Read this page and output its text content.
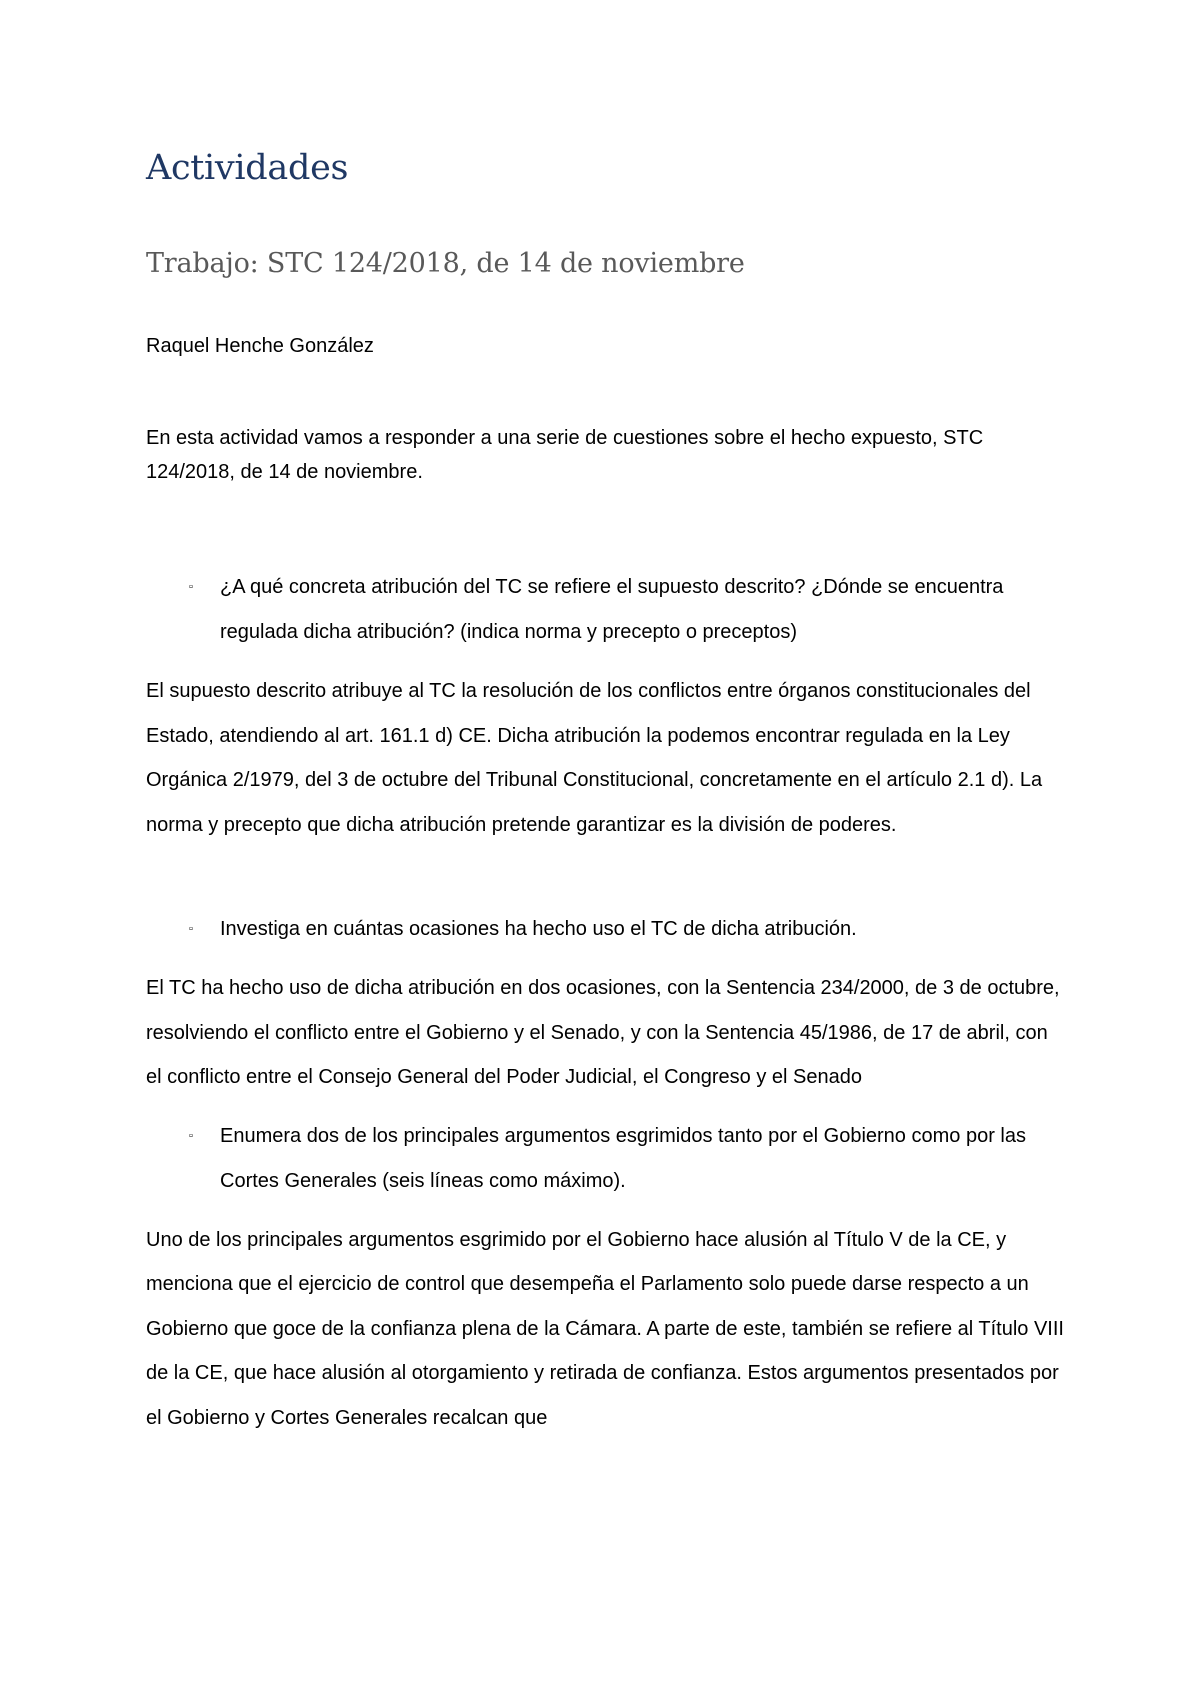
Actividades
Trabajo: STC 124/2018, de 14 de noviembre

Raquel Henche González

En esta actividad vamos a responder a una serie de cuestiones sobre el hecho expuesto, STC 124/2018, de 14 de noviembre.

▫ ¿A qué concreta atribución del TC se refiere el supuesto descrito? ¿Dónde se encuentra regulada dicha atribución? (indica norma y precepto o preceptos)

El supuesto descrito atribuye al TC la resolución de los conflictos entre órganos constitucionales del Estado, atendiendo al art. 161.1 d) CE. Dicha atribución la podemos encontrar regulada en la Ley Orgánica 2/1979, del 3 de octubre del Tribunal Constitucional, concretamente en el artículo 2.1 d). La norma y precepto que dicha atribución pretende garantizar es la división de poderes.

▫ Investiga en cuántas ocasiones ha hecho uso el TC de dicha atribución.

El TC ha hecho uso de dicha atribución en dos ocasiones, con la Sentencia 234/2000, de 3 de octubre, resolviendo el conflicto entre el Gobierno y el Senado, y con la Sentencia 45/1986, de 17 de abril, con el conflicto entre el Consejo General del Poder Judicial, el Congreso y el Senado

▫ Enumera dos de los principales argumentos esgrimidos tanto por el Gobierno como por las Cortes Generales (seis líneas como máximo).

Uno de los principales argumentos esgrimido por el Gobierno hace alusión al Título V de la CE, y menciona que el ejercicio de control que desempeña el Parlamento solo puede darse respecto a un Gobierno que goce de la confianza plena de la Cámara. A parte de este, también se refiere al Título VIII de la CE, que hace alusión al otorgamiento y retirada de confianza. Estos argumentos presentados por el Gobierno y Cortes Generales recalcan que
